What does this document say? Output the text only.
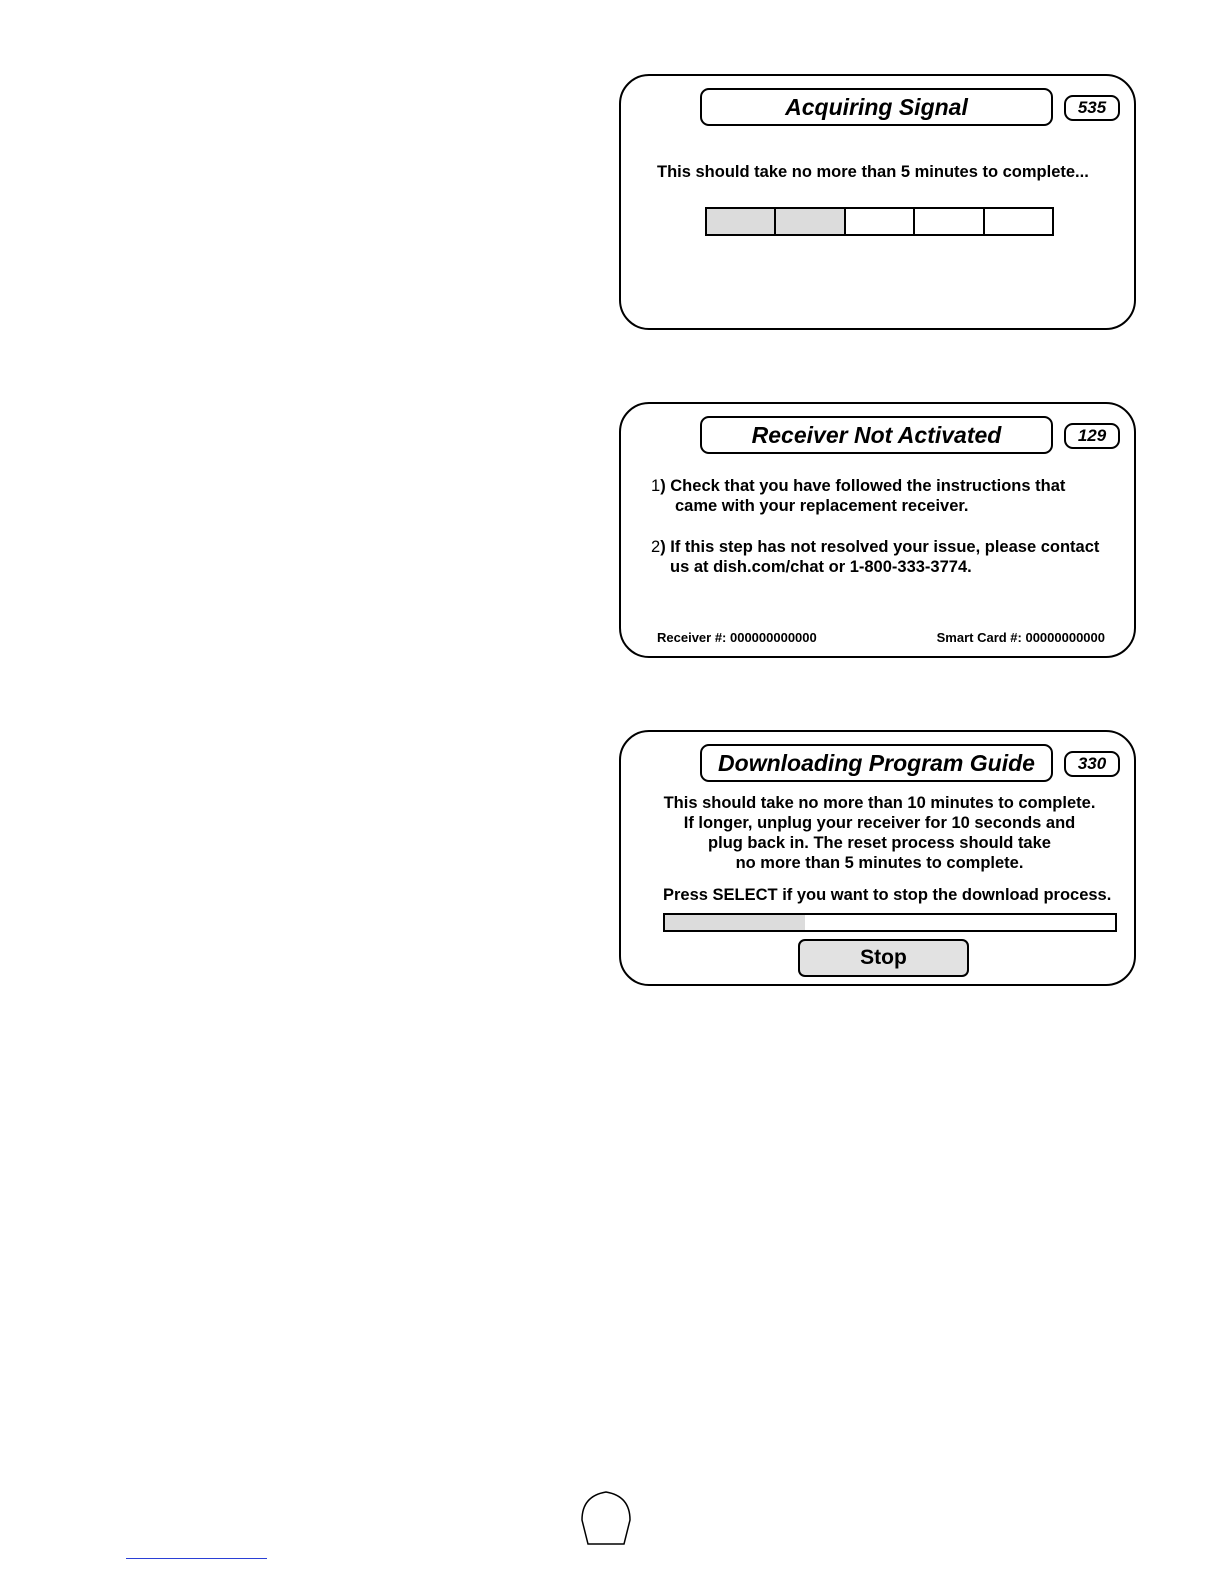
Acquiring Signal	535
This should take no more than 5 minutes to complete...
Receiver Not Activated	129
1) Check that you have followed the instructions that
came with your replacement receiver.
2) If this step has not resolved your issue, please contact
us at dish.com/chat or 1-800-333-3774.
Receiver #: 000000000000	Smart Card #: 00000000000
Downloading Program Guide	330
This should take no more than 10 minutes to complete.
If longer, unplug your receiver for 10 seconds and
plug back in. The reset process should take
no more than 5 minutes to complete.
Press SELECT if you want to stop the download process.
Stop
